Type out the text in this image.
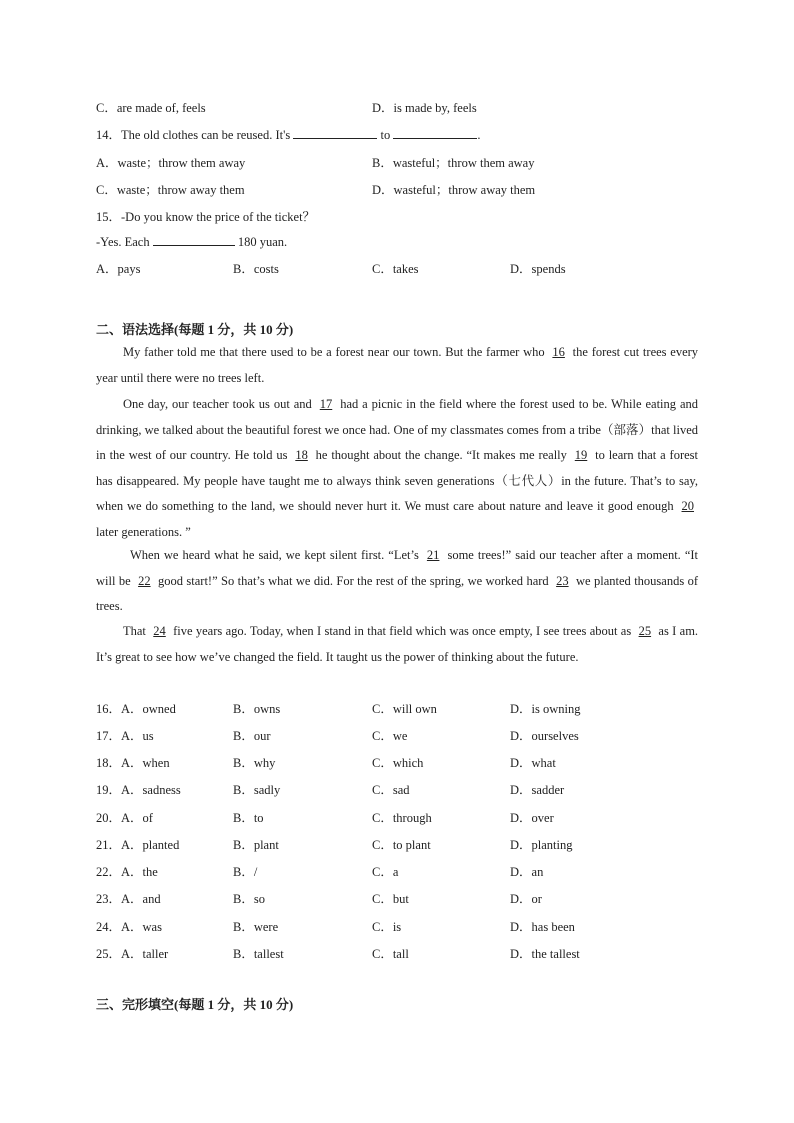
C．are made of, feels	D．is made by, feels
14．The old clothes can be reused. It's	to	.
A．waste；throw them away	B．wasteful；throw them away
C．waste；throw away them	D．wasteful；throw away them
15．-Do you know the price of the ticket？
-Yes. Each	180 yuan.
A．pays	B．costs	C．takes	D．spends
二、语法选择(每题 1 分，共 10 分)
My father told me that there used to be a forest near our town. But the farmer who 16 the forest cut trees every year until there were no trees left.
One day, our teacher took us out and 17 had a picnic in the field where the forest used to be. While eating and drinking, we talked about the beautiful forest we once had. One of my classmates comes from a tribe（部落）that lived in the west of our country. He told us 18 he thought about the change. “It makes me really 19 to learn that a forest has disappeared. My people have taught me to always think seven generations（七代人）in the future. That’s to say, when we do something to the land, we should never hurt it. We must care about nature and leave it good enough 20 later generations. ”
When we heard what he said, we kept silent first. “Let’s 21 some trees!” said our teacher after a moment. “It will be 22 good start!” So that’s what we did. For the rest of the spring, we worked hard 23 we planted thousands of trees.
That 24 five years ago. Today, when I stand in that field which was once empty, I see trees about as 25 as I am. It’s great to see how we’ve changed the field. It taught us the power of thinking about the future.
16．A．owned	B．owns	C．will own	D．is owning
17．A．us	B．our	C．we	D．ourselves
18．A．when	B．why	C．which	D．what
19．A．sadness	B．sadly	C．sad	D．sadder
20．A．of	B．to	C．through	D．over
21．A．planted	B．plant	C．to plant	D．planting
22．A．the	B．/	C．a	D．an
23．A．and	B．so	C．but	D．or
24．A．was	B．were	C．is	D．has been
25．A．taller	B．tallest	C．tall	D．the tallest
三、完形填空(每题 1 分，共 10 分)
